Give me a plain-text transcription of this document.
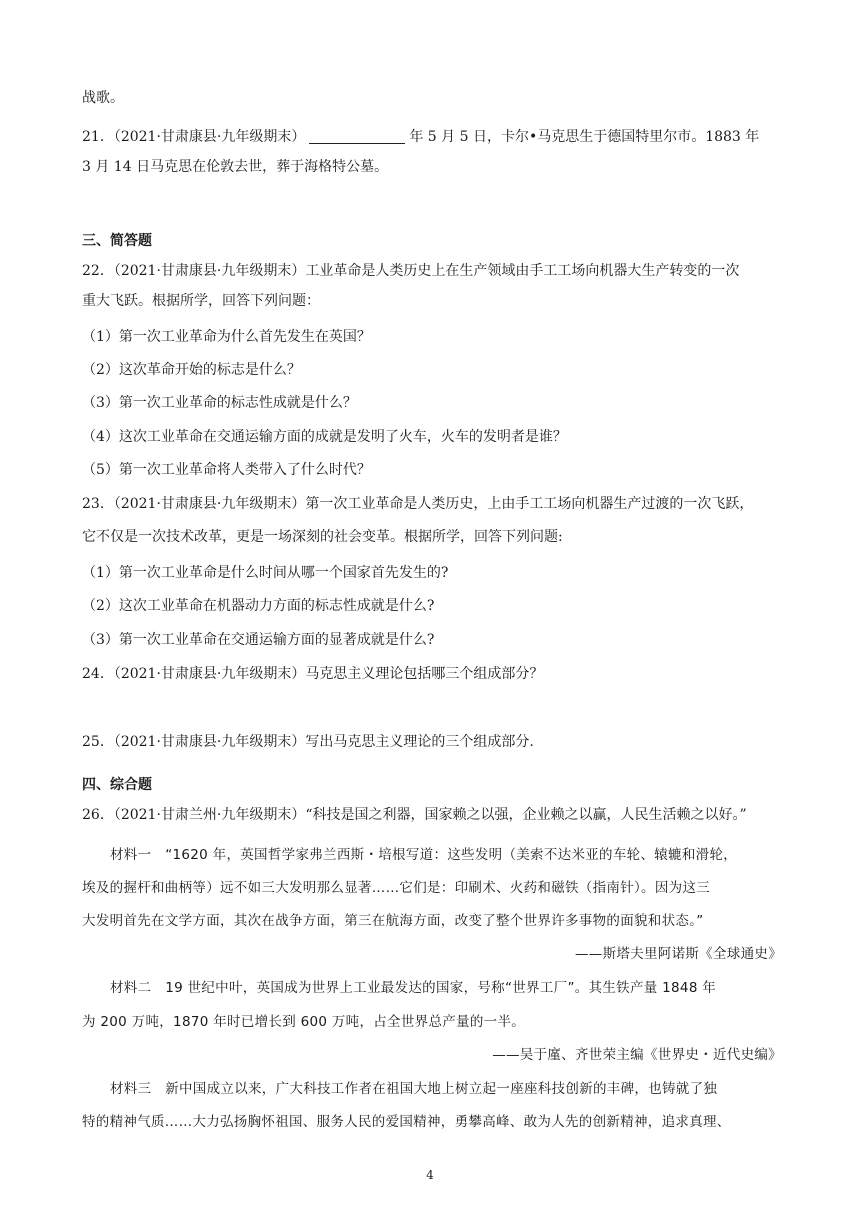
战歌。
21．（2021·甘肃康县·九年级期末）	年 5 月 5 日，卡尔•马克思生于德国特里尔市。1883 年
3 月 14 日马克思在伦敦去世，葬于海格特公墓。
三、简答题
22．（2021·甘肃康县·九年级期末）工业革命是人类历史上在生产领域由手工工场向机器大生产转变的一次
重大飞跃。根据所学，回答下列问题：
（1）第一次工业革命为什么首先发生在英国？
（2）这次革命开始的标志是什么？
（3）第一次工业革命的标志性成就是什么？
（4）这次工业革命在交通运输方面的成就是发明了火车，火车的发明者是谁？
（5）第一次工业革命将人类带入了什么时代？
23．（2021·甘肃康县·九年级期末）第一次工业革命是人类历史，上由手工工场向机器生产过渡的一次飞跃，
它不仅是一次技术改革，更是一场深刻的社会变革。根据所学，回答下列问题:
（1）第一次工业革命是什么时间从哪一个国家首先发生的?
（2）这次工业革命在机器动力方面的标志性成就是什么?
（3）第一次工业革命在交通运输方面的显著成就是什么?
24．（2021·甘肃康县·九年级期末）马克思主义理论包括哪三个组成部分？
25．（2021·甘肃康县·九年级期末）写出马克思主义理论的三个组成部分.
四、综合题
26．（2021·甘肃兰州·九年级期末）“科技是国之利器，国家赖之以强，企业赖之以赢，人民生活赖之以好。”
材料一　“1620 年，英国哲学家弗兰西斯・培根写道：这些发明（美索不达米亚的车轮、辕辘和滑轮，
埃及的握杆和曲柄等）远不如三大发明那么显著……它们是：印刷术、火药和磁铁（指南针）。因为这三
大发明首先在文学方面，其次在战争方面，第三在航海方面，改变了整个世界许多事物的面貌和状态。”
——斯塔夫里阿诺斯《全球通史》
材料二　19 世纪中叶，英国成为世界上工业最发达的国家，号称“世界工厂”。其生铁产量 1848 年
为 200 万吨，1870 年时已增长到 600 万吨，占全世界总产量的一半。
——吴于廑、齐世荣主编《世界史・近代史编》
材料三　新中国成立以来，广大科技工作者在祖国大地上树立起一座座科技创新的丰碑，也铸就了独
特的精神气质……大力弘扬胸怀祖国、服务人民的爱国精神，勇攀高峰、敢为人先的创新精神，追求真理、
4
